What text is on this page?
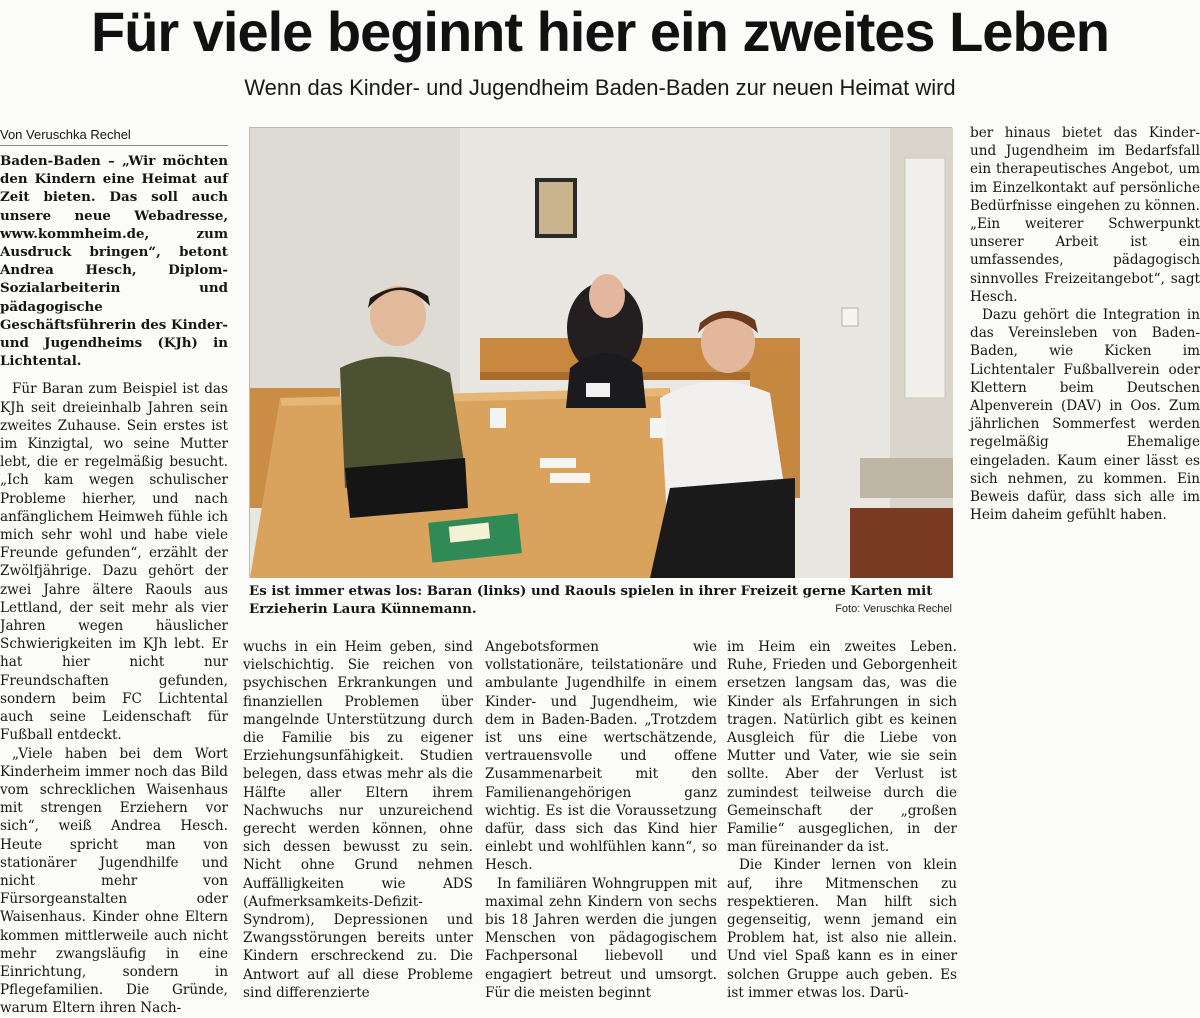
Für viele beginnt hier ein zweites Leben
Wenn das Kinder- und Jugendheim Baden-Baden zur neuen Heimat wird
Von Veruschka Rechel

Baden-Baden – „Wir möchten den Kindern eine Heimat auf Zeit bieten. Das soll auch unsere neue Webadresse, www.kommheim.de, zum Ausdruck bringen“, betont Andrea Hesch, Diplom-Sozialarbeiterin und pädagogische Geschäftsführerin des Kinder- und Jugendheims (KJh) in Lichtental.

Für Baran zum Beispiel ist das KJh seit dreieinhalb Jahren sein zweites Zuhause. Sein erstes ist im Kinzigtal, wo seine Mutter lebt, die er regelmäßig besucht. „Ich kam wegen schulischer Probleme hierher, und nach anfänglichem Heimweh fühle ich mich sehr wohl und habe viele Freunde gefunden“, erzählt der Zwölfjährige. Dazu gehört der zwei Jahre ältere Raouls aus Lettland, der seit mehr als vier Jahren wegen häuslicher Schwierigkeiten im KJh lebt. Er hat hier nicht nur Freundschaften gefunden, sondern beim FC Lichtental auch seine Leidenschaft für Fußball entdeckt.

„Viele haben bei dem Wort Kinderheim immer noch das Bild vom schrecklichen Waisenhaus mit strengen Erziehern vor sich“, weiß Andrea Hesch. Heute spricht man von stationärer Jugendhilfe und nicht mehr von Fürsorgeanstalten oder Waisenhaus. Kinder ohne Eltern kommen mittlerweile auch nicht mehr zwangsläufig in eine Einrichtung, sondern in Pflegefamilien. Die Gründe, warum Eltern ihren Nach-

Es ist immer etwas los: Baran (links) und Raouls spielen in ihrer Freizeit gerne Karten mit Erzieherin Laura Künnemann.	Foto: Veruschka Rechel

wuchs in ein Heim geben, sind vielschichtig. Sie reichen von psychischen Erkrankungen und finanziellen Problemen über mangelnde Unterstützung durch die Familie bis zu eigener Erziehungsunfähigkeit. Studien belegen, dass etwas mehr als die Hälfte aller Eltern ihrem Nachwuchs nur unzureichend gerecht werden können, ohne sich dessen bewusst zu sein. Nicht ohne Grund nehmen Auffälligkeiten wie ADS (Aufmerksamkeits-Defizit-Syndrom), Depressionen und Zwangsstörungen bereits unter Kindern erschreckend zu. Die Antwort auf all diese Probleme sind differenzierte

Angebotsformen wie vollstationäre, teilstationäre und ambulante Jugendhilfe in einem Kinder- und Jugendheim, wie dem in Baden-Baden. „Trotzdem ist uns eine wertschätzende, vertrauensvolle und offene Zusammenarbeit mit den Familienangehörigen ganz wichtig. Es ist die Voraussetzung dafür, dass sich das Kind hier einlebt und wohlfühlen kann“, so Hesch.

In familiären Wohngruppen mit maximal zehn Kindern von sechs bis 18 Jahren werden die jungen Menschen von pädagogischem Fachpersonal liebevoll und engagiert betreut und umsorgt. Für die meisten beginnt

im Heim ein zweites Leben. Ruhe, Frieden und Geborgenheit ersetzen langsam das, was die Kinder als Erfahrungen in sich tragen. Natürlich gibt es keinen Ausgleich für die Liebe von Mutter und Vater, wie sie sein sollte. Aber der Verlust ist zumindest teilweise durch die Gemeinschaft der „großen Familie“ ausgeglichen, in der man füreinander da ist.

Die Kinder lernen von klein auf, ihre Mitmenschen zu respektieren. Man hilft sich gegenseitig, wenn jemand ein Problem hat, ist also nie allein. Und viel Spaß kann es in einer solchen Gruppe auch geben. Es ist immer etwas los. Darü-

ber hinaus bietet das Kinder- und Jugendheim im Bedarfsfall ein therapeutisches Angebot, um im Einzelkontakt auf persönliche Bedürfnisse eingehen zu können. „Ein weiterer Schwerpunkt unserer Arbeit ist ein umfassendes, pädagogisch sinnvolles Freizeitangebot“, sagt Hesch.

Dazu gehört die Integration in das Vereinsleben von Baden-Baden, wie Kicken im Lichtentaler Fußballverein oder Klettern beim Deutschen Alpenverein (DAV) in Oos. Zum jährlichen Sommerfest werden regelmäßig Ehemalige eingeladen. Kaum einer lässt es sich nehmen, zu kommen. Ein Beweis dafür, dass sich alle im Heim daheim gefühlt haben.
